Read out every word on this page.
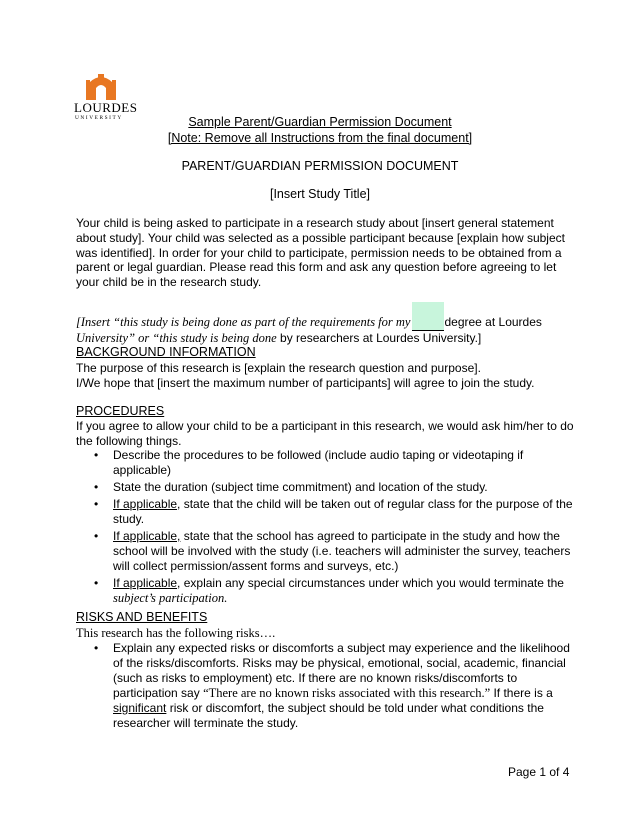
LOURDES
UNIVERSITY	Sample Parent/Guardian Permission Document
[Note: Remove all Instructions from the final document]
PARENT/GUARDIAN PERMISSION DOCUMENT
[Insert Study Title]
Your child is being asked to participate in a research study about [insert general statement about study]. Your child was selected as a possible participant because [explain how subject was identified]. In order for your child to participate, permission needs to be obtained from a parent or legal guardian. Please read this form and ask any question before agreeing to let your child be in the research study.
[Insert “this study is being done as part of the requirements for my	degree at Lourdes
University” or “this study is being done by researchers at Lourdes University.]
BACKGROUND INFORMATION
The purpose of this research is [explain the research question and purpose].
I/We hope that [insert the maximum number of participants] will agree to join the study.
PROCEDURES
If you agree to allow your child to be a participant in this research, we would ask him/her to do the following things.
• Describe the procedures to be followed (include audio taping or videotaping if applicable)
• State the duration (subject time commitment) and location of the study.
• If applicable, state that the child will be taken out of regular class for the purpose of the study.
• If applicable, state that the school has agreed to participate in the study and how the school will be involved with the study (i.e. teachers will administer the survey, teachers will collect permission/assent forms and surveys, etc.)
• If applicable, explain any special circumstances under which you would terminate the
subject’s participation.
RISKS AND BENEFITS
This research has the following risks….
• Explain any expected risks or discomforts a subject may experience and the likelihood of the risks/discomforts. Risks may be physical, emotional, social, academic, financial (such as risks to employment) etc. If there are no known risks/discomforts to participation say “There are no known risks associated with this research.” If there is a significant risk or discomfort, the subject should be told under what conditions the researcher will terminate the study.
Page 1 of 4
